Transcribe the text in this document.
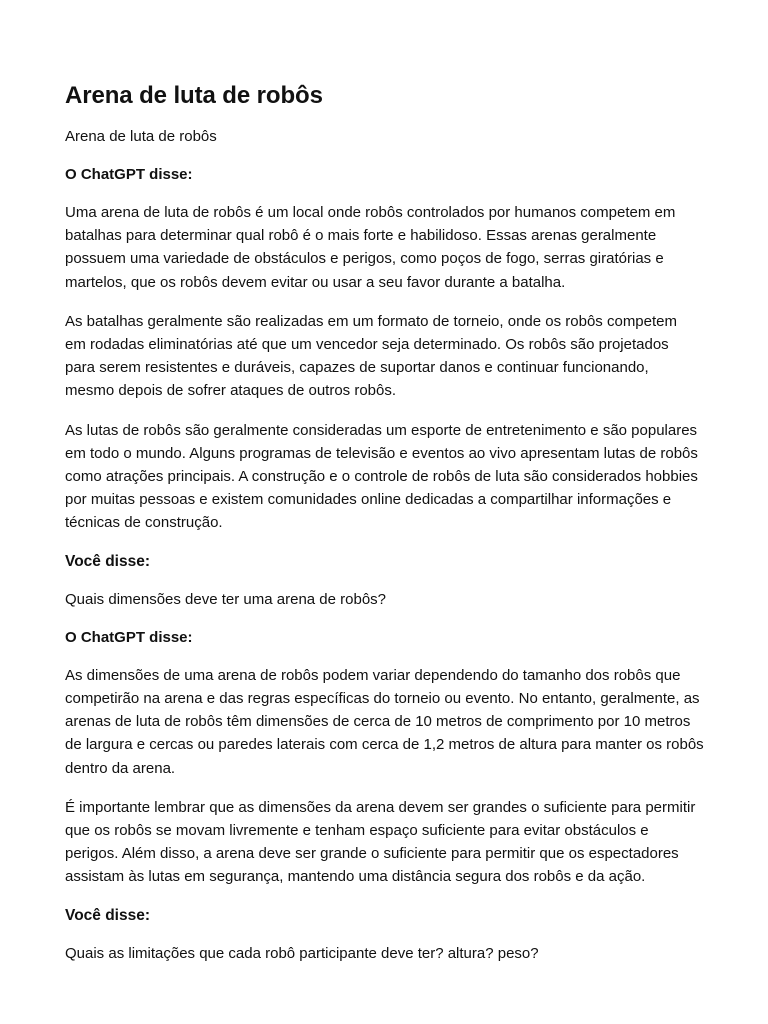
Arena de luta de robôs

Arena de luta de robôs

O ChatGPT disse:

Uma arena de luta de robôs é um local onde robôs controlados por humanos competem em batalhas para determinar qual robô é o mais forte e habilidoso. Essas arenas geralmente possuem uma variedade de obstáculos e perigos, como poços de fogo, serras giratórias e martelos, que os robôs devem evitar ou usar a seu favor durante a batalha.

As batalhas geralmente são realizadas em um formato de torneio, onde os robôs competem em rodadas eliminatórias até que um vencedor seja determinado. Os robôs são projetados para serem resistentes e duráveis, capazes de suportar danos e continuar funcionando, mesmo depois de sofrer ataques de outros robôs.

As lutas de robôs são geralmente consideradas um esporte de entretenimento e são populares em todo o mundo. Alguns programas de televisão e eventos ao vivo apresentam lutas de robôs como atrações principais. A construção e o controle de robôs de luta são considerados hobbies por muitas pessoas e existem comunidades online dedicadas a compartilhar informações e técnicas de construção.

Você disse:

Quais dimensões deve ter uma arena de robôs?

O ChatGPT disse:

As dimensões de uma arena de robôs podem variar dependendo do tamanho dos robôs que competirão na arena e das regras específicas do torneio ou evento. No entanto, geralmente, as arenas de luta de robôs têm dimensões de cerca de 10 metros de comprimento por 10 metros de largura e cercas ou paredes laterais com cerca de 1,2 metros de altura para manter os robôs dentro da arena.

É importante lembrar que as dimensões da arena devem ser grandes o suficiente para permitir que os robôs se movam livremente e tenham espaço suficiente para evitar obstáculos e perigos. Além disso, a arena deve ser grande o suficiente para permitir que os espectadores assistam às lutas em segurança, mantendo uma distância segura dos robôs e da ação.

Você disse:

Quais as limitações que cada robô participante deve ter? altura? peso?
